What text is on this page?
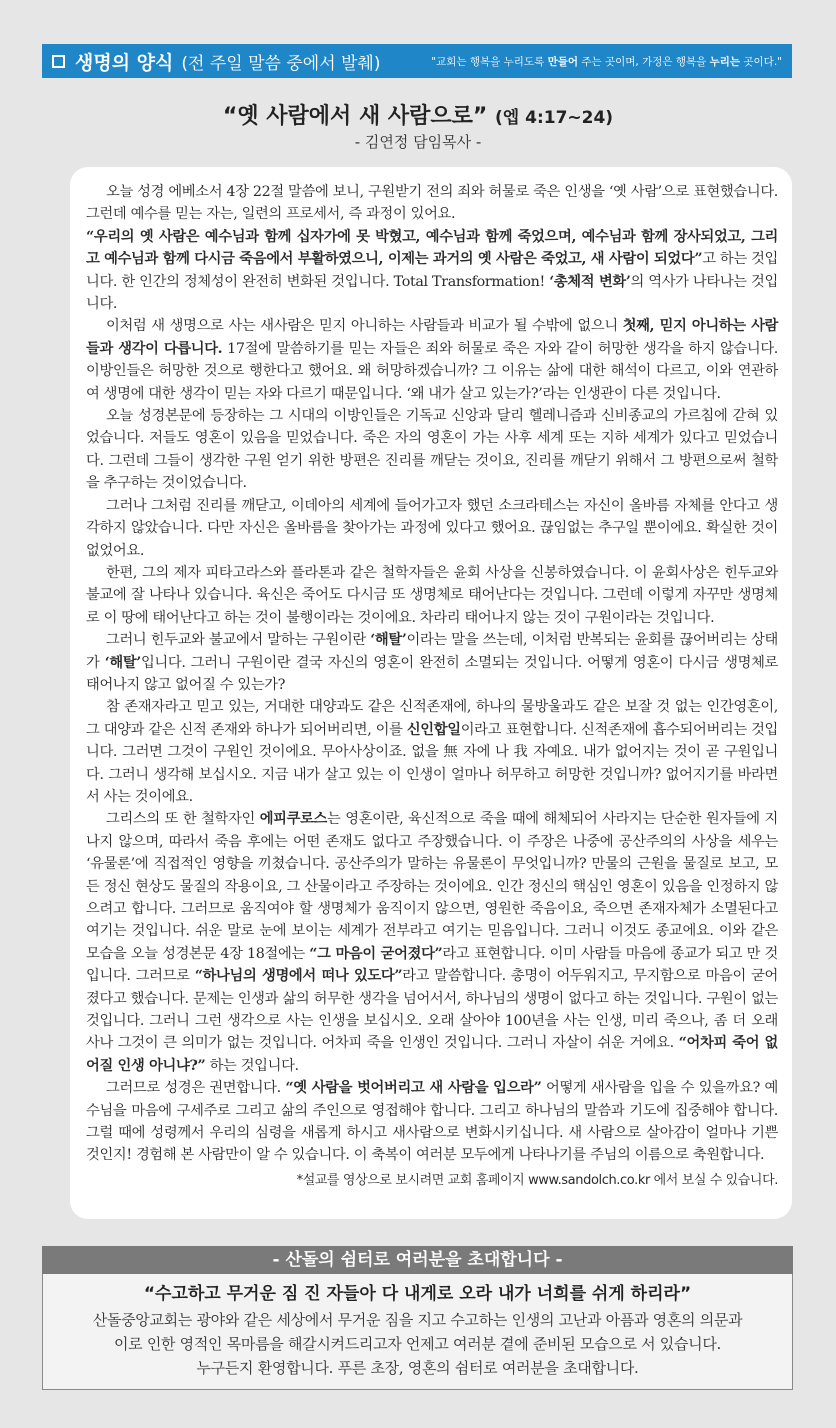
생명의 양식 (전 주일 말씀 중에서 발췌)	"교회는 행복을 누리도록 만들어 주는 곳이며, 가정은 행복을 누리는 곳이다."
“옛 사람에서 새 사람으로” (엡 4:17~24)
- 김연정 담임목사 -

오늘 성경 에베소서 4장 22절 말씀에 보니, 구원받기 전의 죄와 허물로 죽은 인생을 ‘옛 사람’으로 표현했습니다. 그런데 예수를 믿는 자는, 일련의 프로세서, 즉 과정이 있어요.

“우리의 옛 사람은 예수님과 함께 십자가에 못 박혔고, 예수님과 함께 죽었으며, 예수님과 함께 장사되었고, 그리고 예수님과 함께 다시금 죽음에서 부활하였으니, 이제는 과거의 옛 사람은 죽었고, 새 사람이 되었다”고 하는 것입니다. 한 인간의 정체성이 완전히 변화된 것입니다. Total Transformation! ‘총체적 변화’의 역사가 나타나는 것입니다.

이처럼 새 생명으로 사는 새사람은 믿지 아니하는 사람들과 비교가 될 수밖에 없으니 첫째, 믿지 아니하는 사람들과 생각이 다릅니다. 17절에 말씀하기를 믿는 자들은 죄와 허물로 죽은 자와 같이 허망한 생각을 하지 않습니다. 이방인들은 허망한 것으로 행한다고 했어요. 왜 허망하겠습니까? 그 이유는 삶에 대한 해석이 다르고, 이와 연관하여 생명에 대한 생각이 믿는 자와 다르기 때문입니다. ‘왜 내가 살고 있는가?’라는 인생관이 다른 것입니다.

오늘 성경본문에 등장하는 그 시대의 이방인들은 기독교 신앙과 달리 헬레니즘과 신비종교의 가르침에 갇혀 있었습니다. 저들도 영혼이 있음을 믿었습니다. 죽은 자의 영혼이 가는 사후 세계 또는 지하 세계가 있다고 믿었습니다. 그런데 그들이 생각한 구원 얻기 위한 방편은 진리를 깨닫는 것이요, 진리를 깨닫기 위해서 그 방편으로써 철학을 추구하는 것이었습니다.

그러나 그처럼 진리를 깨닫고, 이데아의 세계에 들어가고자 했던 소크라테스는 자신이 올바름 자체를 안다고 생각하지 않았습니다. 다만 자신은 올바름을 찾아가는 과정에 있다고 했어요. 끊임없는 추구일 뿐이에요. 확실한 것이 없었어요.

한편, 그의 제자 피타고라스와 플라톤과 같은 철학자들은 윤회 사상을 신봉하였습니다. 이 윤회사상은 힌두교와 불교에 잘 나타나 있습니다. 육신은 죽어도 다시금 또 생명체로 태어난다는 것입니다. 그런데 이렇게 자꾸만 생명체로 이 땅에 태어난다고 하는 것이 불행이라는 것이에요. 차라리 태어나지 않는 것이 구원이라는 것입니다.

그러니 힌두교와 불교에서 말하는 구원이란 ‘해탈’이라는 말을 쓰는데, 이처럼 반복되는 윤회를 끊어버리는 상태가 ‘해탈’입니다. 그러니 구원이란 결국 자신의 영혼이 완전히 소멸되는 것입니다. 어떻게 영혼이 다시금 생명체로 태어나지 않고 없어질 수 있는가?

참 존재자라고 믿고 있는, 거대한 대양과도 같은 신적존재에, 하나의 물방울과도 같은 보잘 것 없는 인간영혼이, 그 대양과 같은 신적 존재와 하나가 되어버리면, 이를 신인합일이라고 표현합니다. 신적존재에 흡수되어버리는 것입니다. 그러면 그것이 구원인 것이에요. 무아사상이죠. 없을 無 자에 나 我 자예요. 내가 없어지는 것이 곧 구원입니다. 그러니 생각해 보십시오. 지금 내가 살고 있는 이 인생이 얼마나 허무하고 허망한 것입니까? 없어지기를 바라면서 사는 것이에요.

그리스의 또 한 철학자인 에피쿠로스는 영혼이란, 육신적으로 죽을 때에 해체되어 사라지는 단순한 원자들에 지나지 않으며, 따라서 죽음 후에는 어떤 존재도 없다고 주장했습니다. 이 주장은 나중에 공산주의의 사상을 세우는 ‘유물론’에 직접적인 영향을 끼쳤습니다. 공산주의가 말하는 유물론이 무엇입니까? 만물의 근원을 물질로 보고, 모든 정신 현상도 물질의 작용이요, 그 산물이라고 주장하는 것이에요. 인간 정신의 핵심인 영혼이 있음을 인정하지 않으려고 합니다. 그러므로 움직여야 할 생명체가 움직이지 않으면, 영원한 죽음이요, 죽으면 존재자체가 소멸된다고 여기는 것입니다. 쉬운 말로 눈에 보이는 세계가 전부라고 여기는 믿음입니다. 그러니 이것도 종교에요. 이와 같은 모습을 오늘 성경본문 4장 18절에는 “그 마음이 굳어졌다”라고 표현합니다. 이미 사람들 마음에 종교가 되고 만 것입니다. 그러므로 “하나님의 생명에서 떠나 있도다”라고 말씀합니다. 총명이 어두워지고, 무지함으로 마음이 굳어졌다고 했습니다. 문제는 인생과 삶의 허무한 생각을 넘어서서, 하나님의 생명이 없다고 하는 것입니다. 구원이 없는 것입니다. 그러니 그런 생각으로 사는 인생을 보십시오. 오래 살아야 100년을 사는 인생, 미리 죽으나, 좀 더 오래 사나 그것이 큰 의미가 없는 것입니다. 어차피 죽을 인생인 것입니다. 그러니 자살이 쉬운 거에요. “어차피 죽어 없어질 인생 아니냐?” 하는 것입니다.

그러므로 성경은 권면합니다. “옛 사람을 벗어버리고 새 사람을 입으라” 어떻게 새사람을 입을 수 있을까요? 예수님을 마음에 구세주로 그리고 삶의 주인으로 영접해야 합니다. 그리고 하나님의 말씀과 기도에 집중해야 합니다. 그럴 때에 성령께서 우리의 심령을 새롭게 하시고 새사람으로 변화시키십니다. 새 사람으로 살아감이 얼마나 기쁜 것인지! 경험해 본 사람만이 알 수 있습니다. 이 축복이 여러분 모두에게 나타나기를 주님의 이름으로 축원합니다.

*설교를 영상으로 보시려면 교회 홈페이지 www.sandolch.co.kr 에서 보실 수 있습니다.

- 산돌의 쉼터로 여러분을 초대합니다 -
“수고하고 무거운 짐 진 자들아 다 내게로 오라 내가 너희를 쉬게 하리라”
산돌중앙교회는 광야와 같은 세상에서 무거운 짐을 지고 수고하는 인생의 고난과 아픔과 영혼의 의문과
이로 인한 영적인 목마름을 해갈시켜드리고자 언제고 여러분 곁에 준비된 모습으로 서 있습니다.
누구든지 환영합니다. 푸른 초장, 영혼의 쉼터로 여러분을 초대합니다.
